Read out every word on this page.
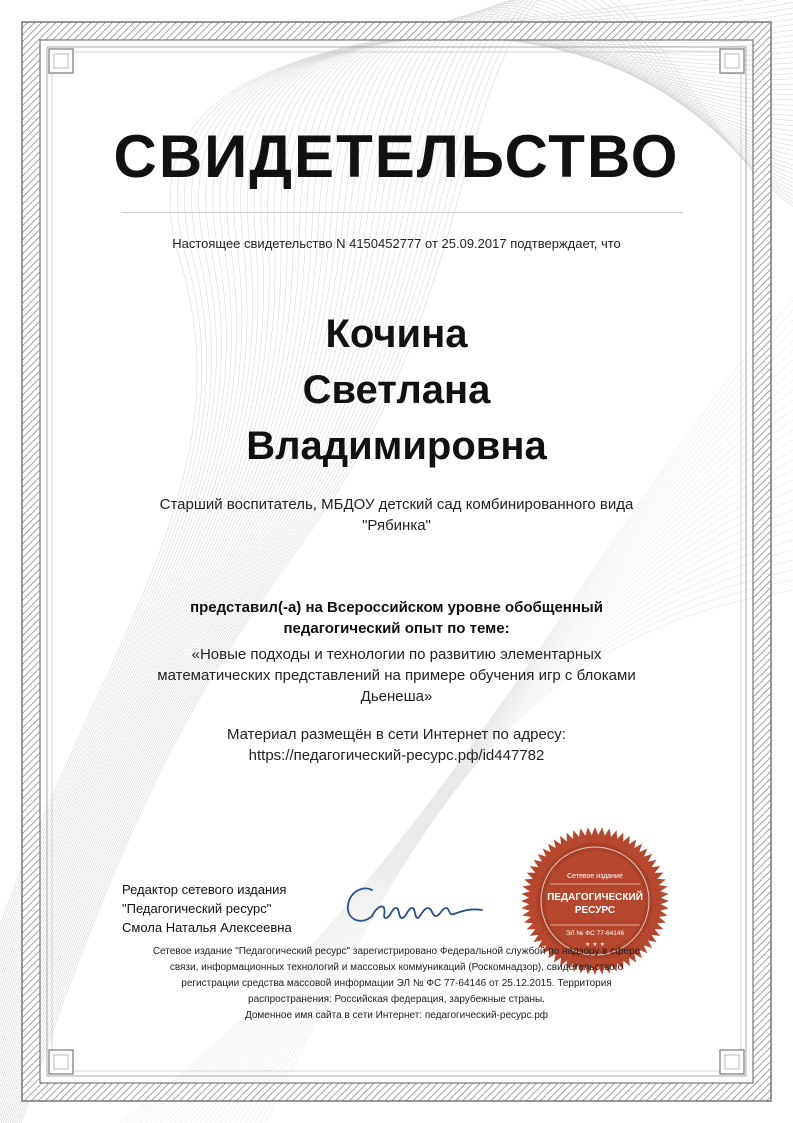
СВИДЕТЕЛЬСТВО
Настоящее свидетельство N 4150452777 от 25.09.2017 подтверждает, что
Кочина
Светлана
Владимировна
Старший воспитатель, МБДОУ детский сад комбинированного вида
"Рябинка"
представил(-а) на Всероссийском уровне обобщенный
педагогический опыт по теме:
«Новые подходы и технологии по развитию элементарных
математических представлений на примере обучения игр с блоками
Дьенеша»
Материал размещён в сети Интернет по адресу:
https://педагогический-ресурс.рф/id447782
Редактор сетевого издания
"Педагогический ресурс"
Смола Наталья Алексеевна
Сетевое издание
ПЕДАГОГИЧЕСКИЙ
РЕСУРС
ЭЛ № ФС 77-64146
★ ★ ★
Сетевое издание "Педагогический ресурс" зарегистрировано Федеральной службой по надзору в сфере
связи, информационных технологий и массовых коммуникаций (Роскомнадзор), свидетельство о
регистрации средства массовой информации ЭЛ № ФС 77-64146 от 25.12.2015. Территория
распространения: Российская федерация, зарубежные страны.
Доменное имя сайта в сети Интернет: педагогический-ресурс.рф
